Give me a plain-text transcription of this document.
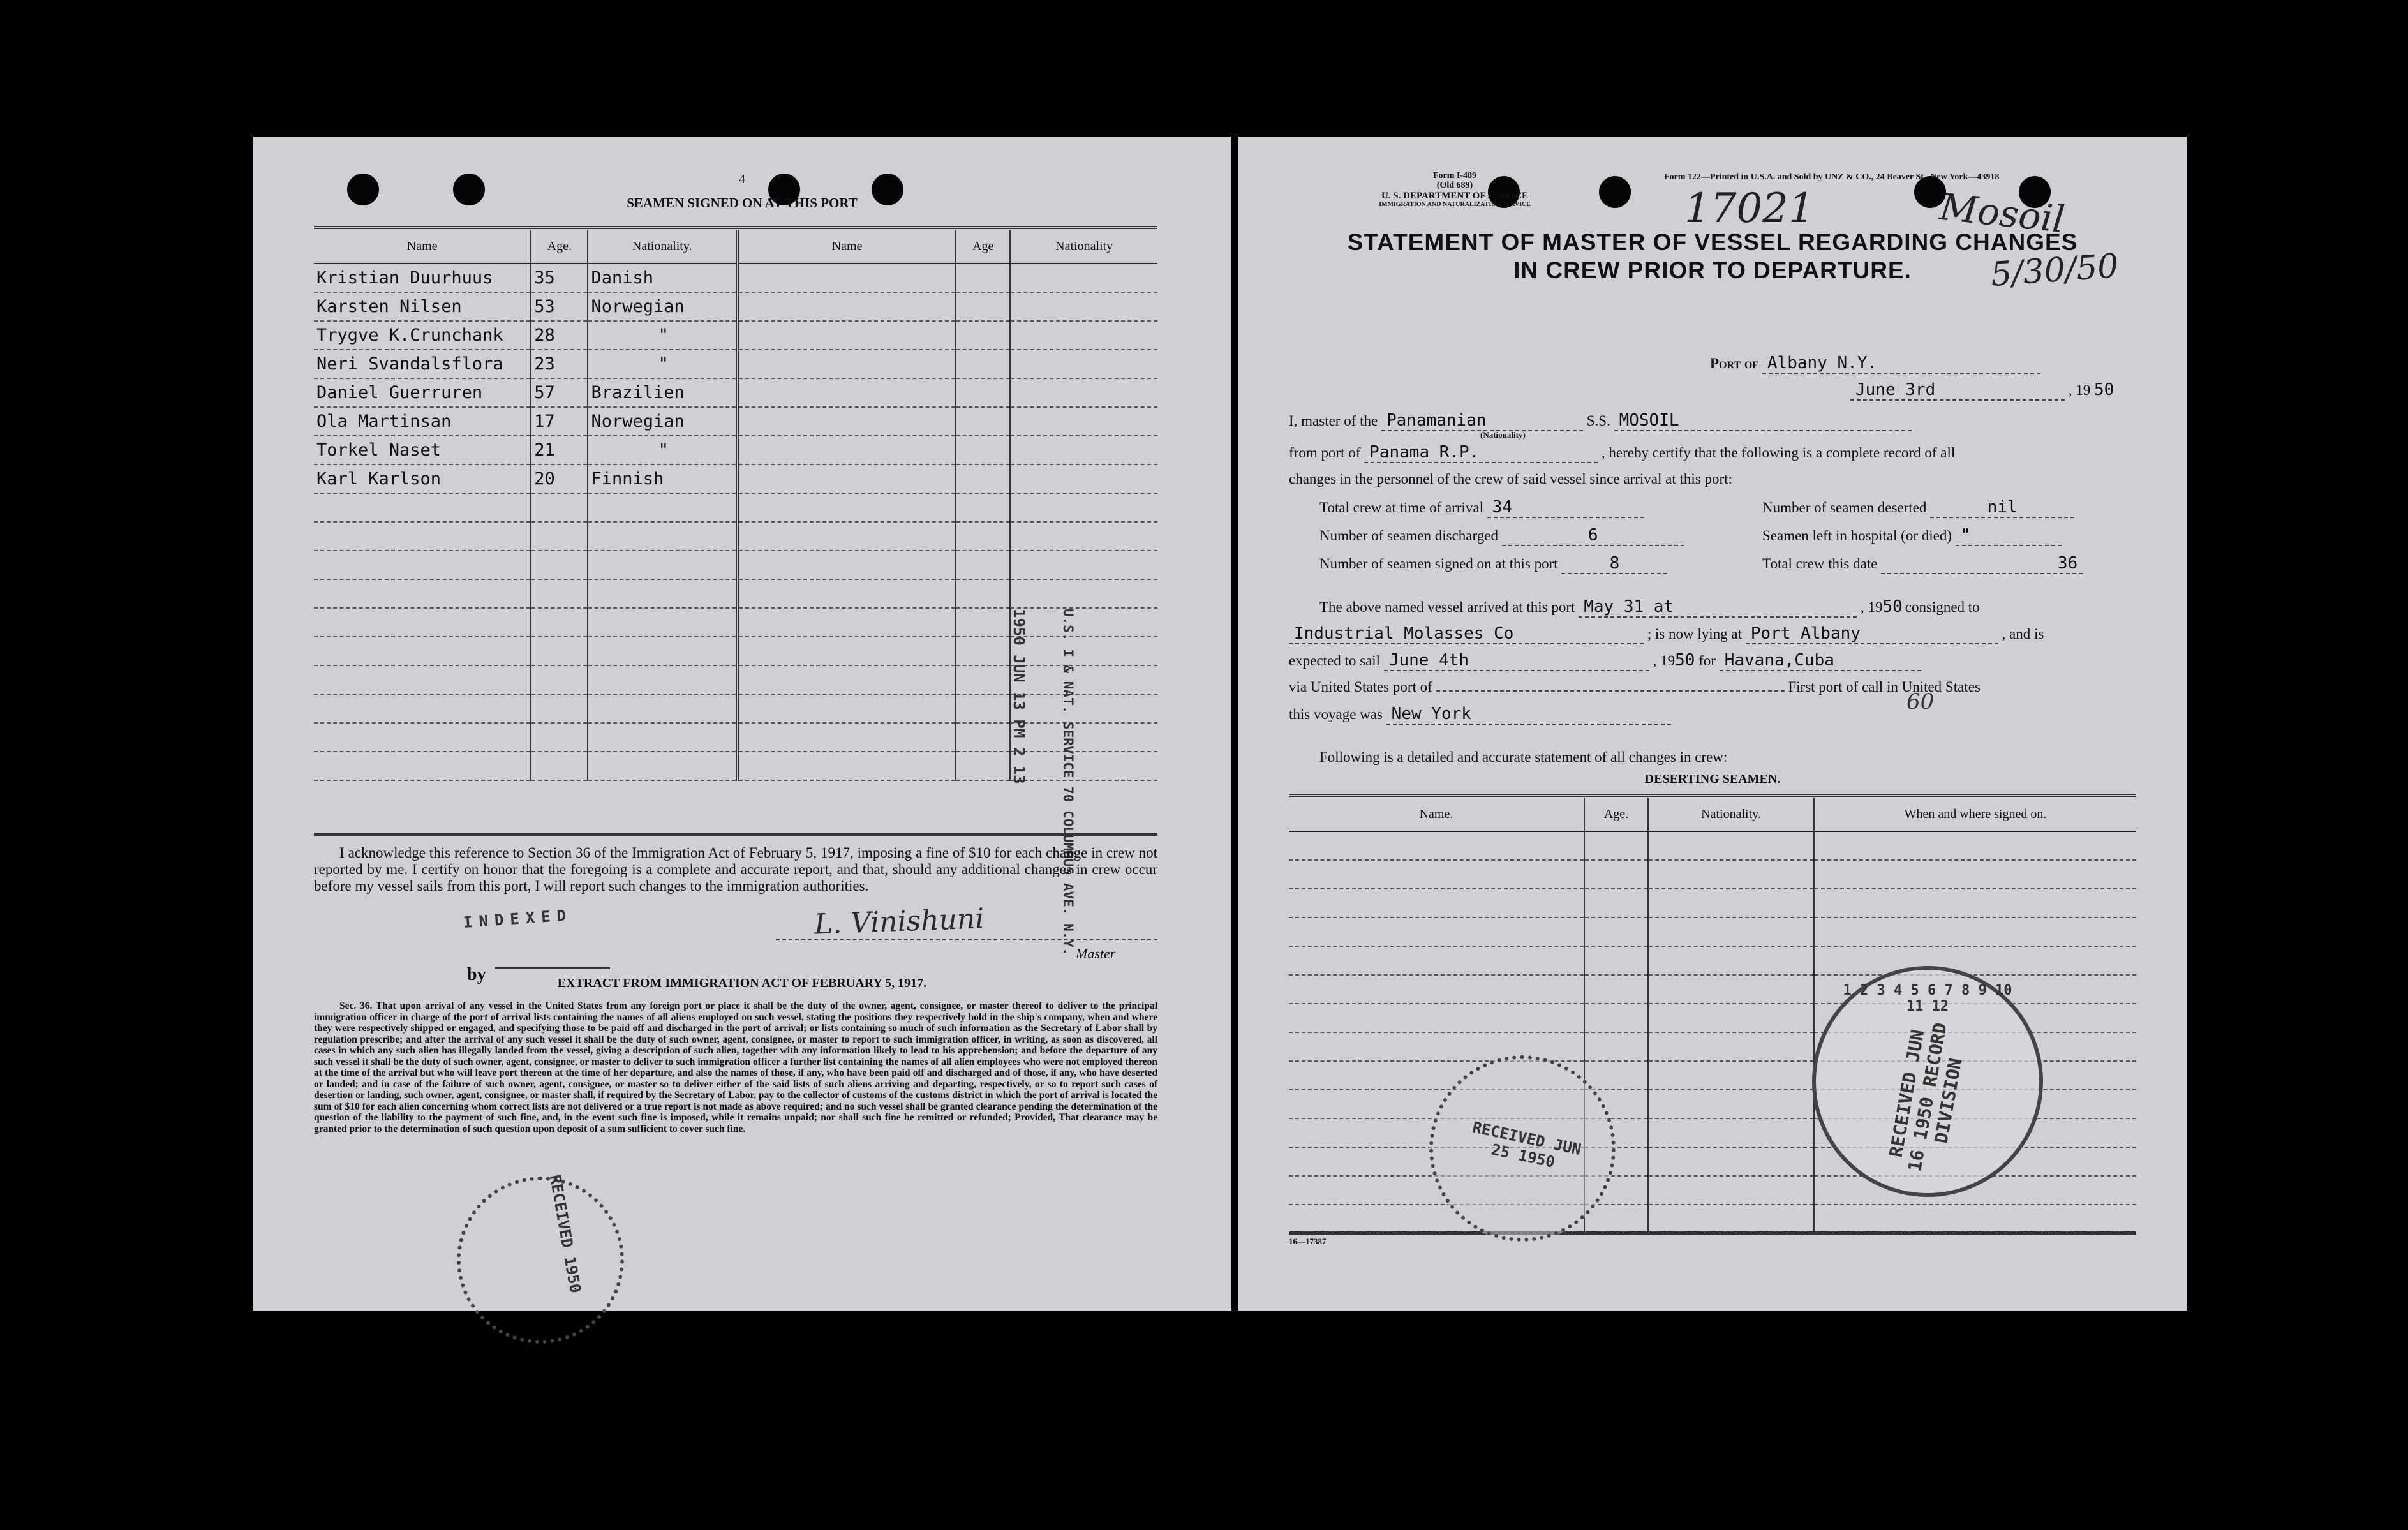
4
SEAMEN SIGNED ON AT THIS PORT
Name	Age.	Nationality.	Name	Age	Nationality
Kristian Duurhuus	35	Danish			
Karsten Nilsen	53	Norwegian			
Trygve K.Crunchank	28	"			
Neri Svandalsflora	23	"			
Daniel Guerruren	57	Brazilien			
Ola Martinsan	17	Norwegian			
Torkel Naset	21	"			
Karl Karlson	20	Finnish			

1950 JUN 13 PM 2 13 U.S. I & NAT. SERVICE 70 COLUMBUS AVE. N.Y.
I acknowledge this reference to Section 36 of the Immigration Act of February 5, 1917, imposing a fine of $10 for each change in crew not reported by me. I certify on honor that the foregoing is a complete and accurate report, and that, should any additional changes in crew occur before my vessel sails from this port, I will report such changes to the immigration authorities.
INDEXED
by
L. Vinishuni
Master
EXTRACT FROM IMMIGRATION ACT OF FEBRUARY 5, 1917.
Sec. 36. That upon arrival of any vessel in the United States from any foreign port or place it shall be the duty of the owner, agent, consignee, or master thereof to deliver to the principal immigration officer in charge of the port of arrival lists containing the names of all aliens employed on such vessel, stating the positions they respectively hold in the ship's company, when and where they were respectively shipped or engaged, and specifying those to be paid off and discharged in the port of arrival; or lists containing so much of such information as the Secretary of Labor shall by regulation prescribe; and after the arrival of any such vessel it shall be the duty of such owner, agent, consignee, or master to report to such immigration officer, in writing, as soon as discovered, all cases in which any such alien has illegally landed from the vessel, giving a description of such alien, together with any information likely to lead to his apprehension; and before the departure of any such vessel it shall be the duty of such owner, agent, consignee, or master to deliver to such immigration officer a further list containing the names of all alien employees who were not employed thereon at the time of the arrival but who will leave port thereon at the time of her departure, and also the names of those, if any, who have been paid off and discharged and of those, if any, who have deserted or landed; and in case of the failure of such owner, agent, consignee, or master so to deliver either of the said lists of such aliens arriving and departing, respectively, or so to report such cases of desertion or landing, such owner, agent, consignee, or master shall, if required by the Secretary of Labor, pay to the collector of customs of the customs district in which the port of arrival is located the sum of $10 for each alien concerning whom correct lists are not delivered or a true report is not made as above required; and no such vessel shall be granted clearance pending the determination of the question of the liability to the payment of such fine, and, in the event such fine is imposed, while it remains unpaid; nor shall such fine be remitted or refunded; Provided, That clearance may be granted prior to the determination of such question upon deposit of a sum sufficient to cover such fine.
RECEIVED 1950
Form I-489
(Old 689)
U. S. DEPARTMENT OF JUSTICE
IMMIGRATION AND NATURALIZATION SERVICE
Form 122—Printed in U.S.A. and Sold by UNZ & CO., 24 Beaver St., New York—43918
17021	Mosoil
5/30/50
STATEMENT OF MASTER OF VESSEL REGARDING CHANGES
IN CREW PRIOR TO DEPARTURE.
Port of Albany N.Y.
June 3rd	, 19 50
I, master of the Panamanian	S.S. MOSOIL
(Nationality)
from port of Panama R.P.	, hereby certify that the following is a complete record of all
changes in the personnel of the crew of said vessel since arrival at this port:
Total crew at time of arrival 34	Number of seamen deserted	nil
Number of seamen discharged	6	Seamen left in hospital (or died) "
Number of seamen signed on at this port	8	Total crew this date	36
The above named vessel arrived at this port May 31 at	, 1950 consigned to
Industrial Molasses Co	; is now lying at Port Albany	, and is
expected to sail June 4th	, 1950 for Havana,Cuba
via United States port of	First port of call in United States
60
this voyage was New York
Following is a detailed and accurate statement of all changes in crew:
DESERTING SEAMEN.
Name.	Age.	Nationality.	When and where signed on.

16—17387
RECEIVED JUN 25 1950
1 2 3 4 5 6 7 8 9 10 11 12
RECEIVED JUN 16 1950 RECORD DIVISION
